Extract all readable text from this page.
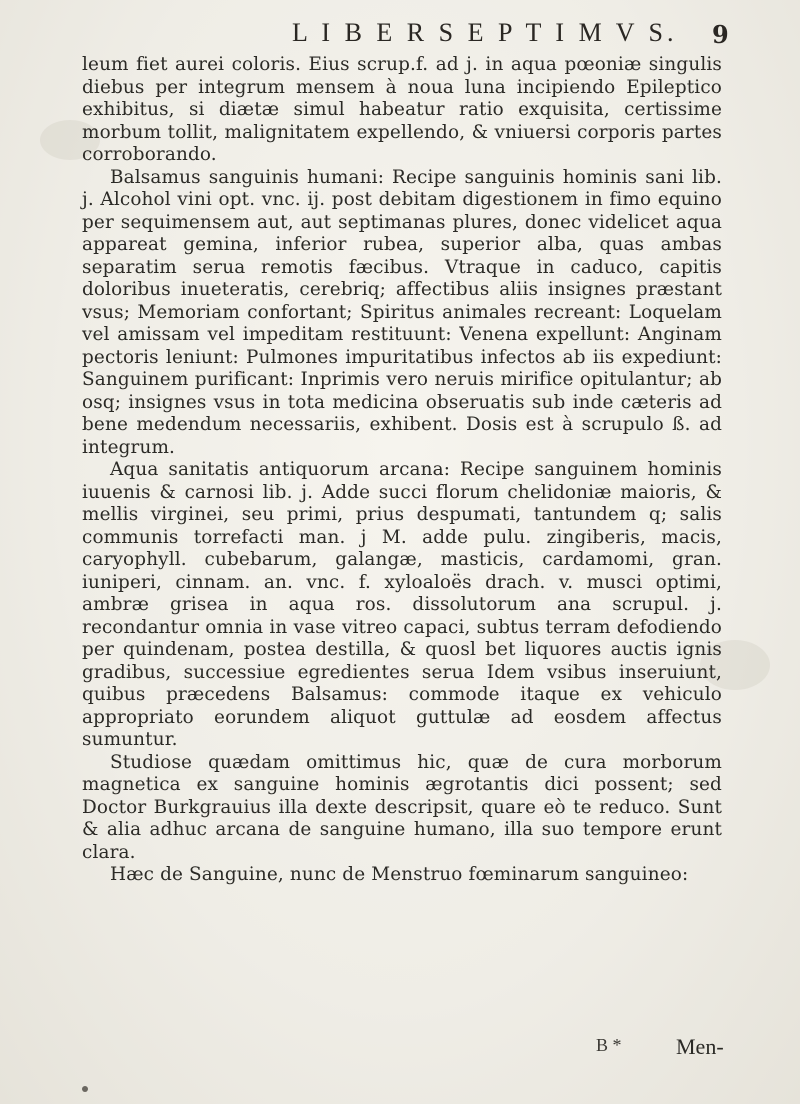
L I B E R S E P T I M V S. 9

leum fiet aurei coloris. Eius scrup.f. ad j. in aqua pœoniæ singulis diebus per integrum mensem à noua luna incipiendo Epileptico exhibitus, si diætæ simul habeatur ratio exquisita, certissime morbum tollit, malignitatem expellendo, & vniuersi corporis partes corroborando.

Balsamus sanguinis humani: Recipe sanguinis hominis sani lib. j. Alcohol vini opt. vnc. ij. post debitam digestionem in fimo equino per sequimensem aut, aut septimanas plures, donec videlicet aqua appareat gemina, inferior rubea, superior alba, quas ambas separatim serua remotis fæcibus. Vtraque in caduco, capitis doloribus inueteratis, cerebriq; affectibus aliis insignes præstant vsus; Memoriam confortant; Spiritus animales recreant: Loquelam vel amissam vel impeditam restituunt: Venena expellunt: Anginam pectoris leniunt: Pulmones impuritatibus infectos ab iis expediunt: Sanguinem purificant: Inprimis vero neruis mirifice opitulantur; ab osq; insignes vsus in tota medicina obseruatis sub inde cæteris ad bene medendum necessariis, exhibent. Dosis est à scrupulo ß. ad integrum.

Aqua sanitatis antiquorum arcana: Recipe sanguinem hominis iuuenis & carnosi lib. j. Adde succi florum chelidoniæ maioris, & mellis virginei, seu primi, prius despumati, tantundem q; salis communis torrefacti man. j M. adde pulu. zingiberis, macis, caryophyll. cubebarum, galangæ, masticis, cardamomi, gran. iuniperi, cinnam. an. vnc. f. xyloaloës drach. v. musci optimi, ambræ grisea in aqua ros. dissolutorum ana scrupul. j. recondantur omnia in vase vitreo capaci, subtus terram defodiendo per quindenam, postea destilla, & quosl bet liquores auctis ignis gradibus, successiue egredientes serua Idem vsibus inseruiunt, quibus præcedens Balsamus: commode itaque ex vehiculo appropriato eorundem aliquot guttulæ ad eosdem affectus sumuntur.

Studiose quædam omittimus hic, quæ de cura morborum magnetica ex sanguine hominis ægrotantis dici possent; sed Doctor Burkgrauius illa dexte descripsit, quare eò te reduco. Sunt & alia adhuc arcana de sanguine humano, illa suo tempore erunt clara.

Hæc de Sanguine, nunc de Menstruo fœminarum sanguineo:

B * Men-
